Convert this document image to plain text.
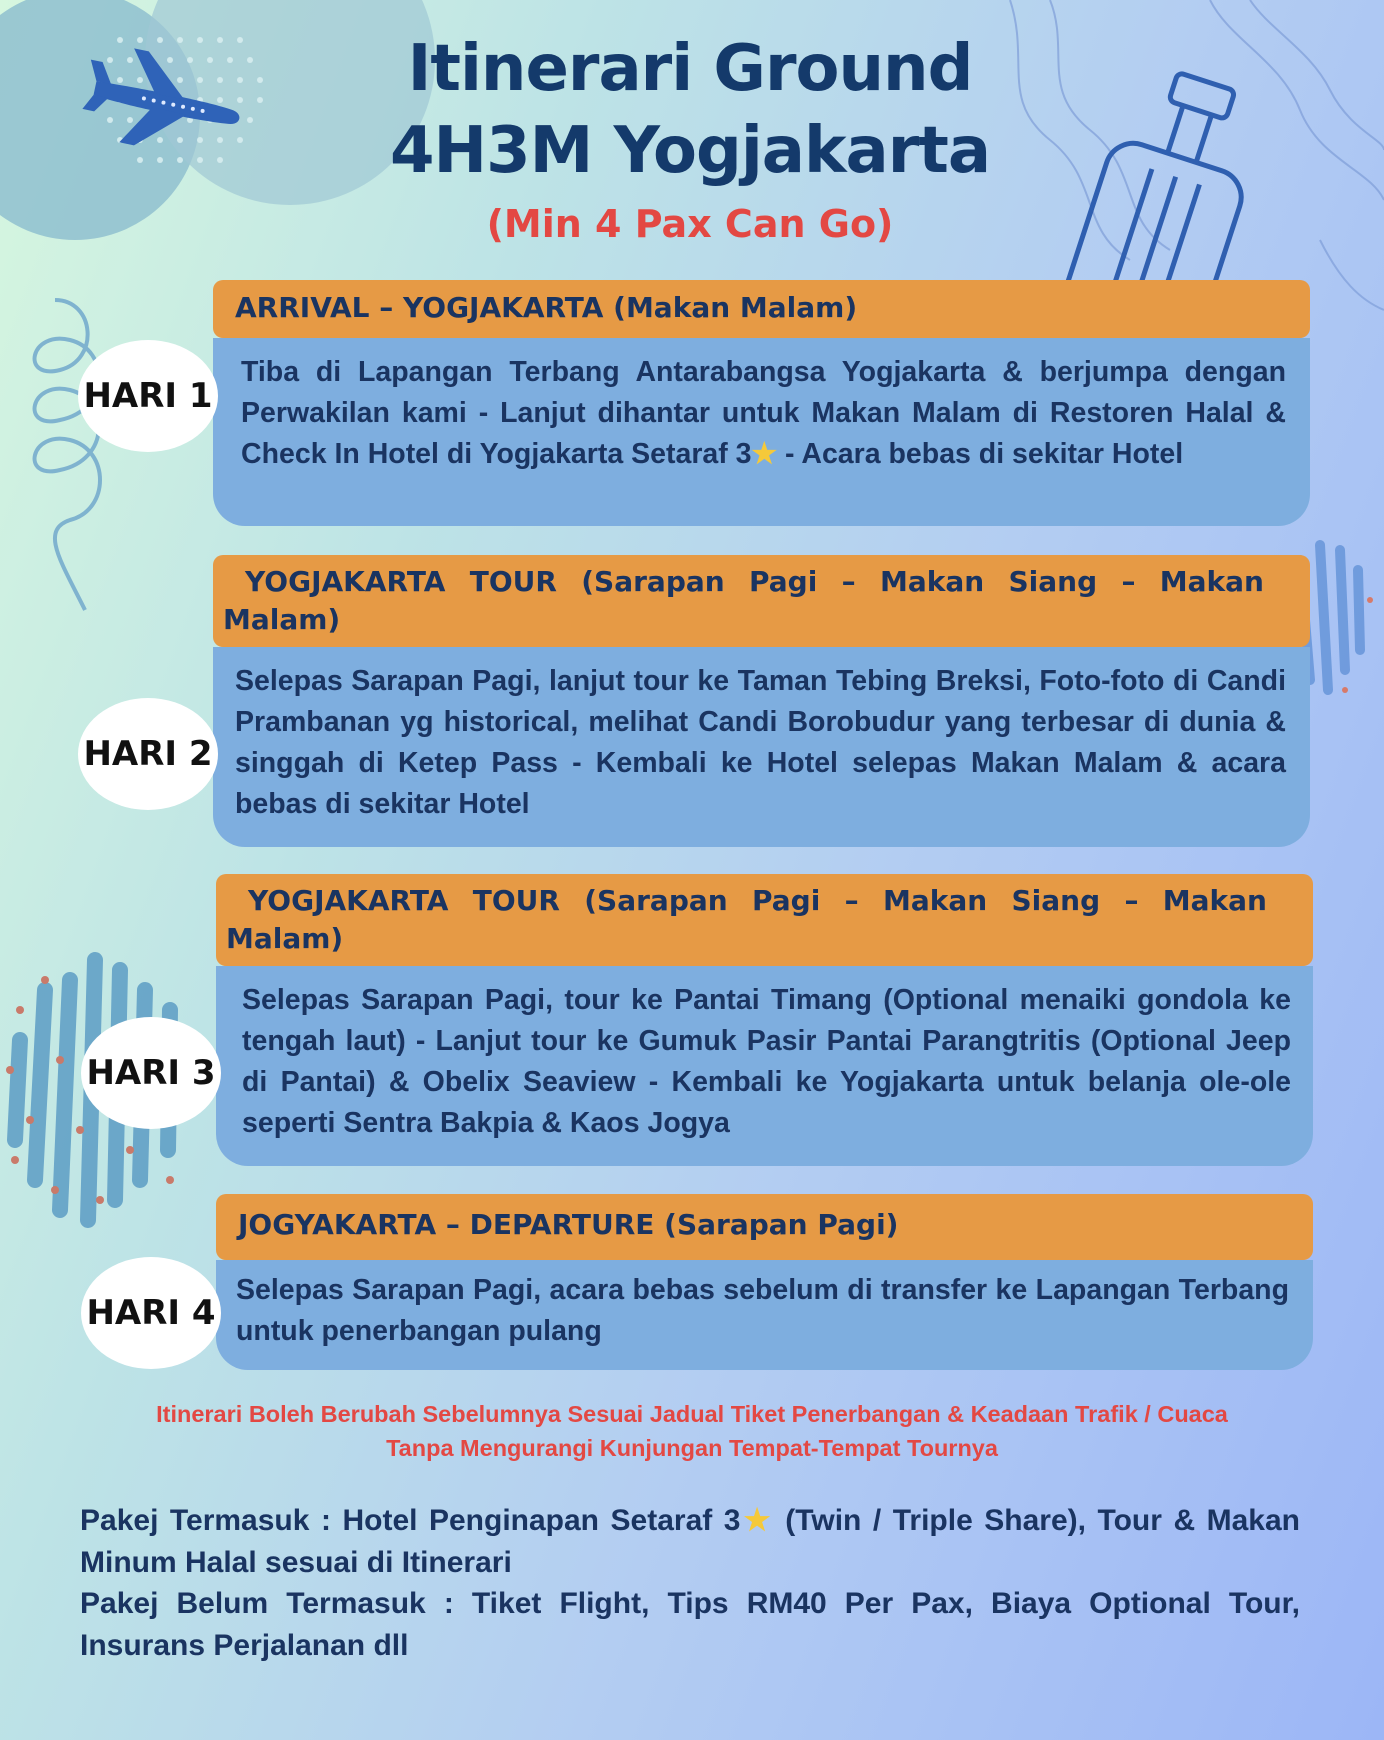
Itinerari Ground
4H3M Yogjakarta
(Min 4 Pax Can Go)
ARRIVAL – YOGJAKARTA (Makan Malam)
Tiba di Lapangan Terbang Antarabangsa Yogjakarta & berjumpa dengan Perwakilan kami - Lanjut dihantar untuk Makan Malam di Restoren Halal & Check In Hotel di Yogjakarta Setaraf 3★ - Acara bebas di sekitar Hotel
HARI 1
YOGJAKARTA TOUR (Sarapan Pagi – Makan Siang – Makan Malam)
Selepas Sarapan Pagi, lanjut tour ke Taman Tebing Breksi, Foto-foto di Candi Prambanan yg historical, melihat Candi Borobudur yang terbesar di dunia & singgah di Ketep Pass - Kembali ke Hotel selepas Makan Malam & acara bebas di sekitar Hotel
HARI 2
YOGJAKARTA TOUR (Sarapan Pagi – Makan Siang – Makan Malam)
Selepas Sarapan Pagi, tour ke Pantai Timang (Optional menaiki gondola ke tengah laut) - Lanjut tour ke Gumuk Pasir Pantai Parangtritis (Optional Jeep di Pantai) & Obelix Seaview - Kembali ke Yogjakarta untuk belanja ole-ole seperti Sentra Bakpia & Kaos Jogya
HARI 3
JOGYAKARTA – DEPARTURE (Sarapan Pagi)
Selepas Sarapan Pagi, acara bebas sebelum di transfer ke Lapangan Terbang untuk penerbangan pulang
HARI 4
Itinerari Boleh Berubah Sebelumnya Sesuai Jadual Tiket Penerbangan & Keadaan Trafik / Cuaca
Tanpa Mengurangi Kunjungan Tempat-Tempat Tournya

Pakej Termasuk : Hotel Penginapan Setaraf 3★ (Twin / Triple Share), Tour & Makan Minum Halal sesuai di Itinerari

Pakej Belum Termasuk : Tiket Flight, Tips RM40 Per Pax, Biaya Optional Tour, Insurans Perjalanan dll
